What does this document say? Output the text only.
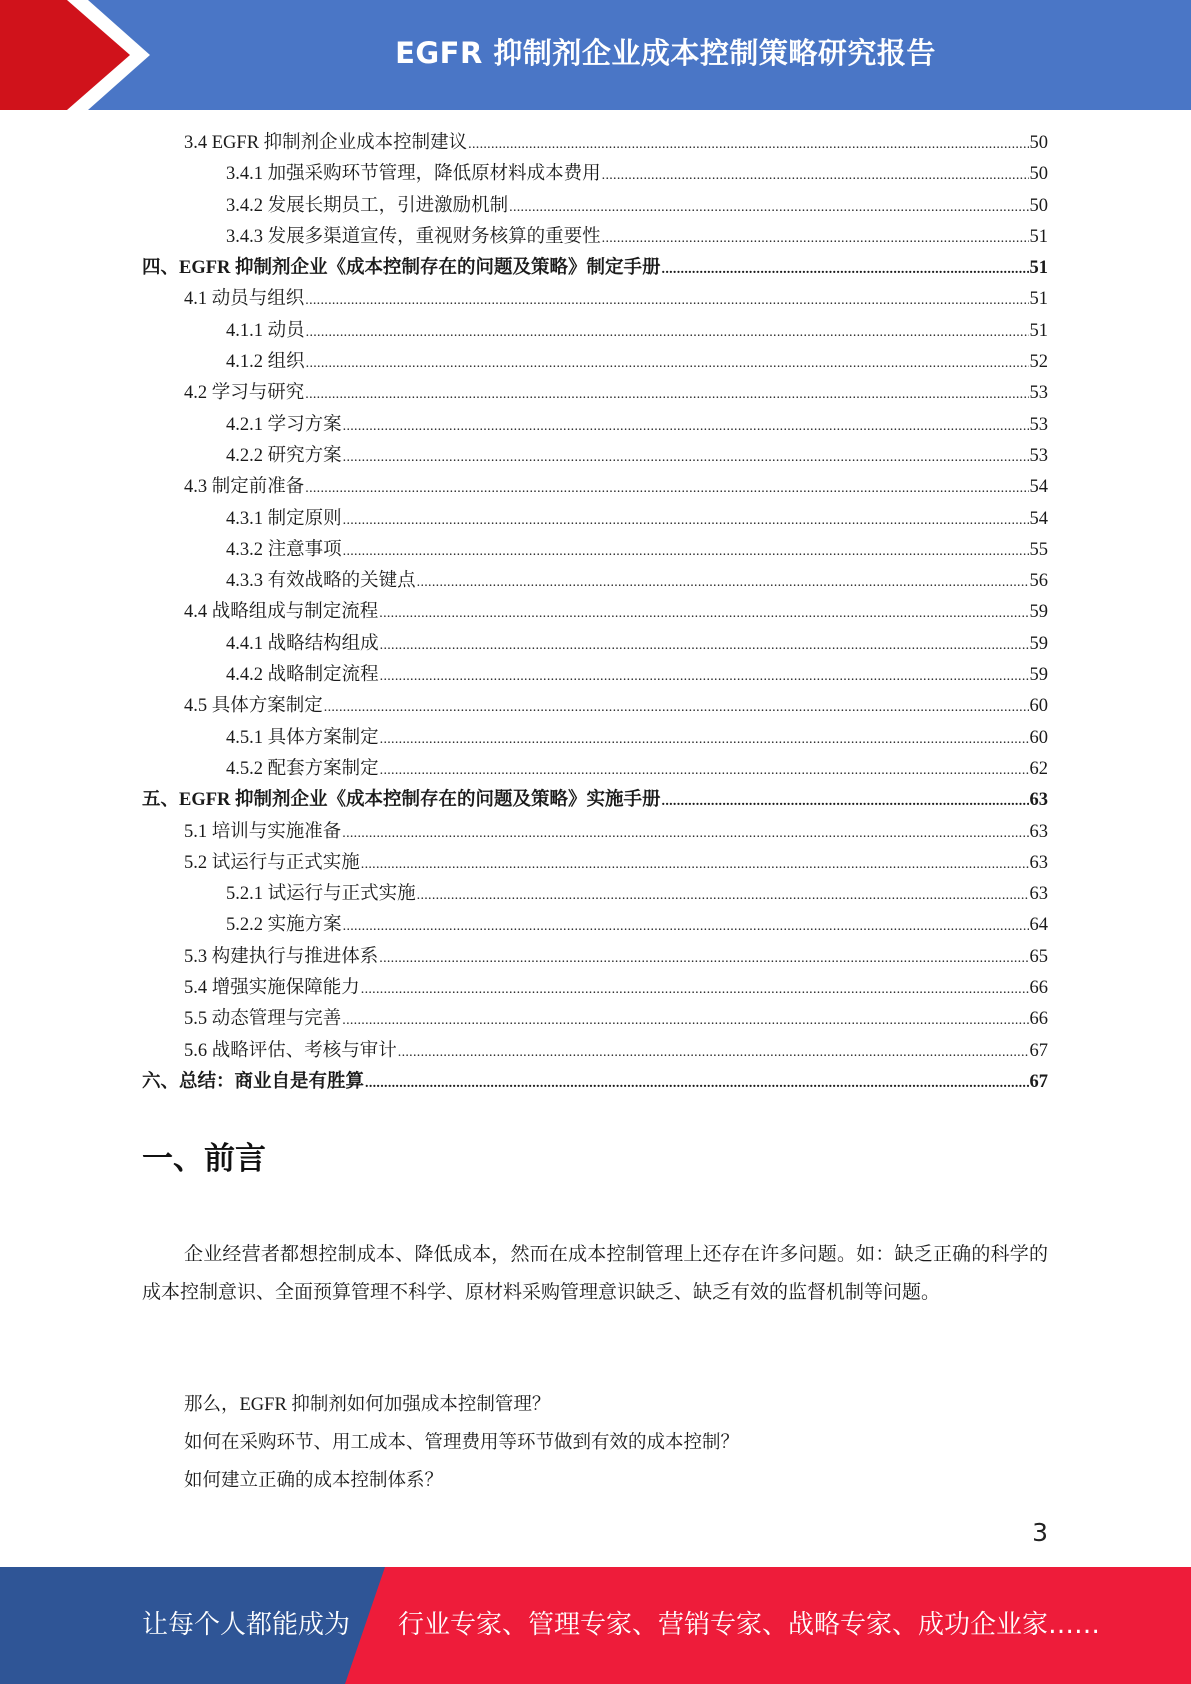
EGFR 抑制剂企业成本控制策略研究报告
3.4 EGFR 抑制剂企业成本控制建议 .....	50
3.4.1 加强采购环节管理，降低原材料成本费用 .....	50
3.4.2 发展长期员工，引进激励机制 .....	50
3.4.3 发展多渠道宣传，重视财务核算的重要性 .....	51
四、EGFR 抑制剂企业《成本控制存在的问题及策略》制定手册 .....	51
4.1 动员与组织 .....	51
4.1.1 动员 .....	51
4.1.2 组织 .....	52
4.2 学习与研究 .....	53
4.2.1 学习方案 .....	53
4.2.2 研究方案 .....	53
4.3 制定前准备 .....	54
4.3.1 制定原则 .....	54
4.3.2 注意事项 .....	55
4.3.3 有效战略的关键点 .....	56
4.4 战略组成与制定流程 .....	59
4.4.1 战略结构组成 .....	59
4.4.2 战略制定流程 .....	59
4.5 具体方案制定 .....	60
4.5.1 具体方案制定 .....	60
4.5.2 配套方案制定 .....	62
五、EGFR 抑制剂企业《成本控制存在的问题及策略》实施手册 .....	63
5.1 培训与实施准备 .....	63
5.2 试运行与正式实施 .....	63
5.2.1 试运行与正式实施 .....	63
5.2.2 实施方案 .....	64
5.3 构建执行与推进体系 .....	65
5.4 增强实施保障能力 .....	66
5.5 动态管理与完善 .....	66
5.6 战略评估、考核与审计 .....	67
六、总结：商业自是有胜算 .....	67
一、前言

企业经营者都想控制成本、降低成本，然而在成本控制管理上还存在许多问题。如：缺乏正确的科学的成本控制意识、全面预算管理不科学、原材料采购管理意识缺乏、缺乏有效的监督机制等问题。

那么，EGFR 抑制剂如何加强成本控制管理？
如何在采购环节、用工成本、管理费用等环节做到有效的成本控制？
如何建立正确的成本控制体系？
3
让每个人都能成为 行业专家、管理专家、营销专家、战略专家、成功企业家……
